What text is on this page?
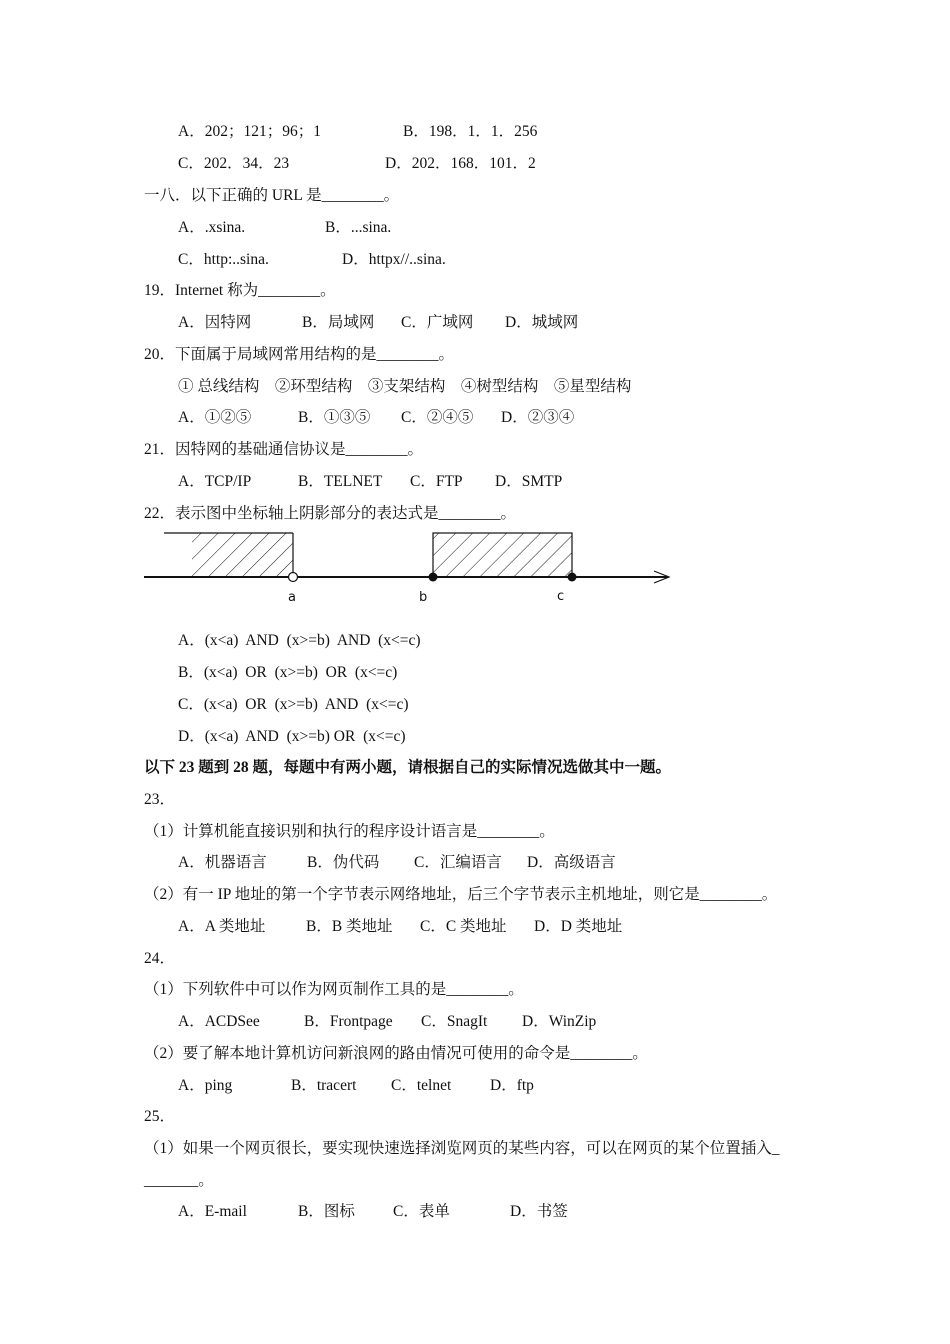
A．202；121；96；1	B．198．1．1．256
C．202．34．23	D．202．168．101．2
一八．以下正确的 URL 是________。
A．.xsina.	B．...sina.
C．http:..sina.	D．httpx//..sina.
19．Internet 称为________。
A．因特网	B．局域网 C．广域网 D．城域网
20．下面属于局域网常用结构的是________。
① 总线结构　②环型结构　③支架结构　④树型结构　⑤星型结构
A．①②⑤	B．①③⑤ C．②④⑤ D．②③④
21．因特网的基础通信协议是________。
A．TCP/IP	B．TELNET C．FTP D．SMTP
22．表示图中坐标轴上阴影部分的表达式是________。
a	b	c
A．(x<a)  AND  (x>=b)  AND  (x<=c)
B．(x<a)  OR  (x>=b)  OR  (x<=c)
C．(x<a)  OR  (x>=b)  AND  (x<=c)
D．(x<a)  AND  (x>=b) OR  (x<=c)
以下 23 题到 28 题，每题中有两小题，请根据自己的实际情况选做其中一题。
23．
（1）计算机能直接识别和执行的程序设计语言是________。
A．机器语言	B．伪代码 C．汇编语言 D．高级语言
（2）有一 IP 地址的第一个字节表示网络地址，后三个字节表示主机地址，则它是________。
A．A 类地址	B．B 类地址 C．C 类地址 D．D 类地址
24．
（1）下列软件中可以作为网页制作工具的是________。
A．ACDSee	B．Frontpage C．SnagIt D．WinZip
（2）要了解本地计算机访问新浪网的路由情况可使用的命令是________。
A．ping	B．tracert C．telnet D．ftp
25．
（1）如果一个网页很长，要实现快速选择浏览网页的某些内容，可以在网页的某个位置插入_
_______。
A．E-mail	B．图标 C．表单	D．书签
